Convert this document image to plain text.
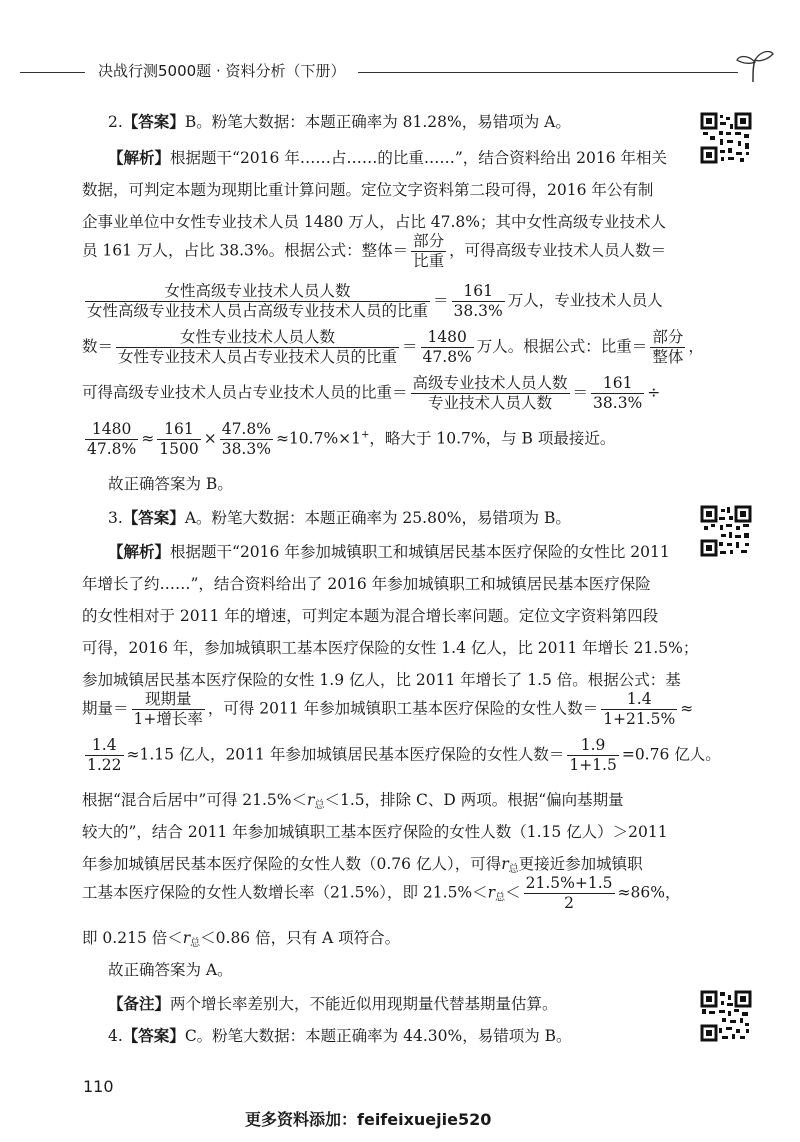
决战行测5000题 · 资料分析（下册）
2.【答案】B。粉笔大数据：本题正确率为 81.28%，易错项为 A。
【解析】根据题干“2016 年……占……的比重……”，结合资料给出 2016 年相关
数据，可判定本题为现期比重计算问题。定位文字资料第二段可得，2016 年公有制
企事业单位中女性专业技术人员 1480 万人，占比 47.8%；其中女性高级专业技术人
员 161 万人，占比 38.3%。根据公式：整体＝ $\frac{\text{部分}}{\text{比重}}$ ，可得高级专业技术人员人数＝
$\frac{\text{女性高级专业技术人员人数}}{\text{女性高级专业技术人员占高级专业技术人员的比重}} = \frac{161}{38.3\%}$ 万人，专业技术人员人
数＝ $\frac{\text{女性专业技术人员人数}}{\text{女性专业技术人员占专业技术人员的比重}} = \frac{1480}{47.8\%}$ 万人。根据公式：比重＝ $\frac{\text{部分}}{\text{整体}}$ ，
可得高级专业技术人员占专业技术人员的比重＝ $\frac{\text{高级专业技术人员人数}}{\text{专业技术人员人数}} = \frac{161}{38.3\%}$ ÷
$\frac{1480}{47.8\%} \approx \frac{161}{1500} \times \frac{47.8\%}{38.3\%} \approx 10.7\%\times 1^+$，略大于 10.7%，与 B 项最接近。
故正确答案为 B。
3.【答案】A。粉笔大数据：本题正确率为 25.80%，易错项为 B。
【解析】根据题干“2016 年参加城镇职工和城镇居民基本医疗保险的女性比 2011
年增长了约……”，结合资料给出了 2016 年参加城镇职工和城镇居民基本医疗保险
的女性相对于 2011 年的增速，可判定本题为混合增长率问题。定位文字资料第四段
可得，2016 年，参加城镇职工基本医疗保险的女性 1.4 亿人，比 2011 年增长 21.5%；
参加城镇居民基本医疗保险的女性 1.9 亿人，比 2011 年增长了 1.5 倍。根据公式：基
期量＝ $\frac{\text{现期量}}{\text{1+增长率}}$ ，可得 2011 年参加城镇职工基本医疗保险的女性人数＝ $\frac{1.4}{1+21.5\%}$ ≈
$\frac{1.4}{1.22} \approx 1.15$ 亿人，2011 年参加城镇居民基本医疗保险的女性人数＝ $\frac{1.9}{1+1.5} =0.76$ 亿人。
根据“混合后居中”可得 $21.5\%<r_总<1.5$，排除 C、D 两项。根据“偏向基期量
较大的”，结合 2011 年参加城镇职工基本医疗保险的女性人数（1.15 亿人）＞2011
年参加城镇居民基本医疗保险的女性人数（0.76 亿人），可得$r_总$更接近参加城镇职
工基本医疗保险的女性人数增长率（21.5%），即 $21.5\%<r_总< \frac{21.5\%+1.5}{2} \approx 86\%$，
即 0.215 倍$<r_总<0.86$ 倍，只有 A 项符合。
故正确答案为 A。
【备注】两个增长率差别大，不能近似用现期量代替基期量估算。
4.【答案】C。粉笔大数据：本题正确率为 44.30%，易错项为 B。
110
更多资料添加：feifeixuejie520
